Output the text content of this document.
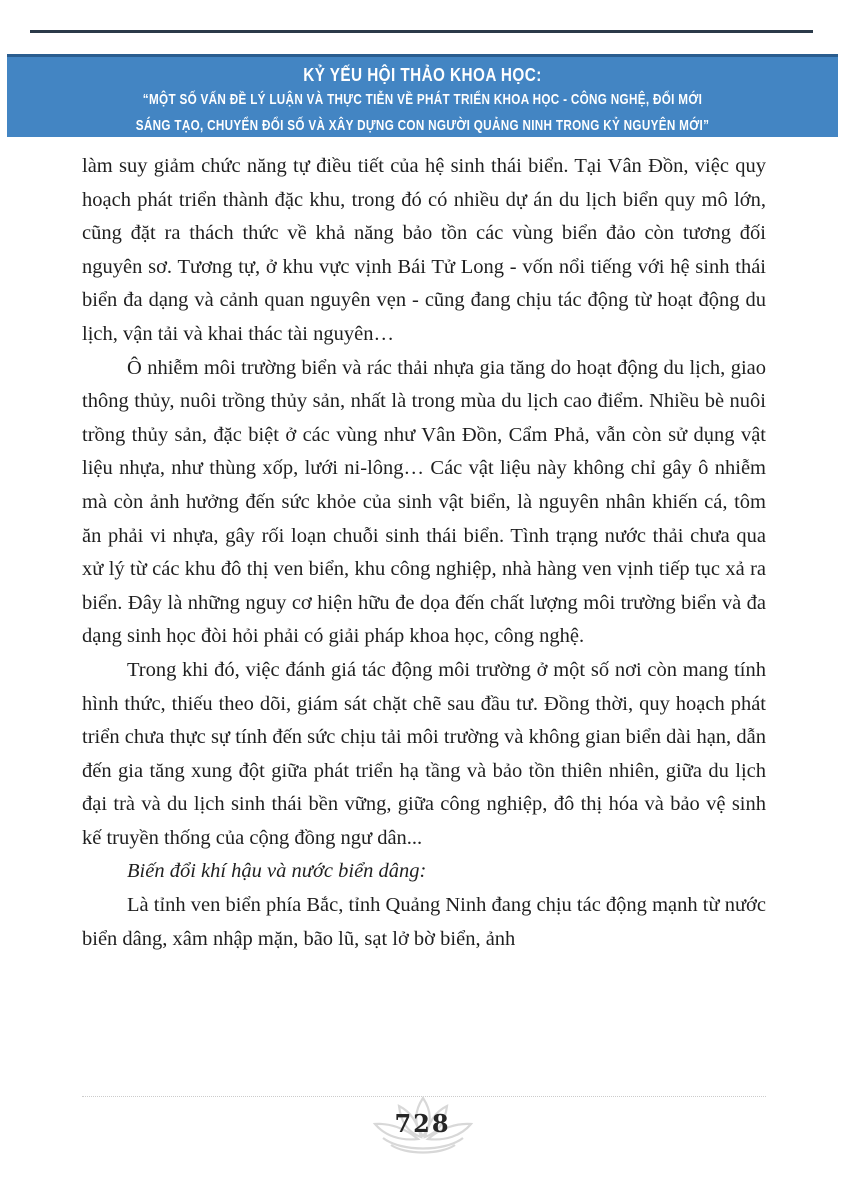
KỶ YẾU HỘI THẢO KHOA HỌC:
“MỘT SỐ VẤN ĐỀ LÝ LUẬN VÀ THỰC TIỄN VỀ PHÁT TRIỂN KHOA HỌC - CÔNG NGHỆ, ĐỔI MỚI
SÁNG TẠO, CHUYỂN ĐỔI SỐ VÀ XÂY DỰNG CON NGƯỜI QUẢNG NINH TRONG KỶ NGUYÊN MỚI”

làm suy giảm chức năng tự điều tiết của hệ sinh thái biển. Tại Vân Đồn, việc quy hoạch phát triển thành đặc khu, trong đó có nhiều dự án du lịch biển quy mô lớn, cũng đặt ra thách thức về khả năng bảo tồn các vùng biển đảo còn tương đối nguyên sơ. Tương tự, ở khu vực vịnh Bái Tử Long - vốn nổi tiếng với hệ sinh thái biển đa dạng và cảnh quan nguyên vẹn - cũng đang chịu tác động từ hoạt động du lịch, vận tải và khai thác tài nguyên…

Ô nhiễm môi trường biển và rác thải nhựa gia tăng do hoạt động du lịch, giao thông thủy, nuôi trồng thủy sản, nhất là trong mùa du lịch cao điểm. Nhiều bè nuôi trồng thủy sản, đặc biệt ở các vùng như Vân Đồn, Cẩm Phả, vẫn còn sử dụng vật liệu nhựa, như thùng xốp, lưới ni-lông… Các vật liệu này không chỉ gây ô nhiễm mà còn ảnh hưởng đến sức khỏe của sinh vật biển, là nguyên nhân khiến cá, tôm ăn phải vi nhựa, gây rối loạn chuỗi sinh thái biển. Tình trạng nước thải chưa qua xử lý từ các khu đô thị ven biển, khu công nghiệp, nhà hàng ven vịnh tiếp tục xả ra biển. Đây là những nguy cơ hiện hữu đe dọa đến chất lượng môi trường biển và đa dạng sinh học đòi hỏi phải có giải pháp khoa học, công nghệ.

Trong khi đó, việc đánh giá tác động môi trường ở một số nơi còn mang tính hình thức, thiếu theo dõi, giám sát chặt chẽ sau đầu tư. Đồng thời, quy hoạch phát triển chưa thực sự tính đến sức chịu tải môi trường và không gian biển dài hạn, dẫn đến gia tăng xung đột giữa phát triển hạ tầng và bảo tồn thiên nhiên, giữa du lịch đại trà và du lịch sinh thái bền vững, giữa công nghiệp, đô thị hóa và bảo vệ sinh kế truyền thống của cộng đồng ngư dân...

Biến đổi khí hậu và nước biển dâng:

Là tỉnh ven biển phía Bắc, tỉnh Quảng Ninh đang chịu tác động mạnh từ nước biển dâng, xâm nhập mặn, bão lũ, sạt lở bờ biển, ảnh

728
